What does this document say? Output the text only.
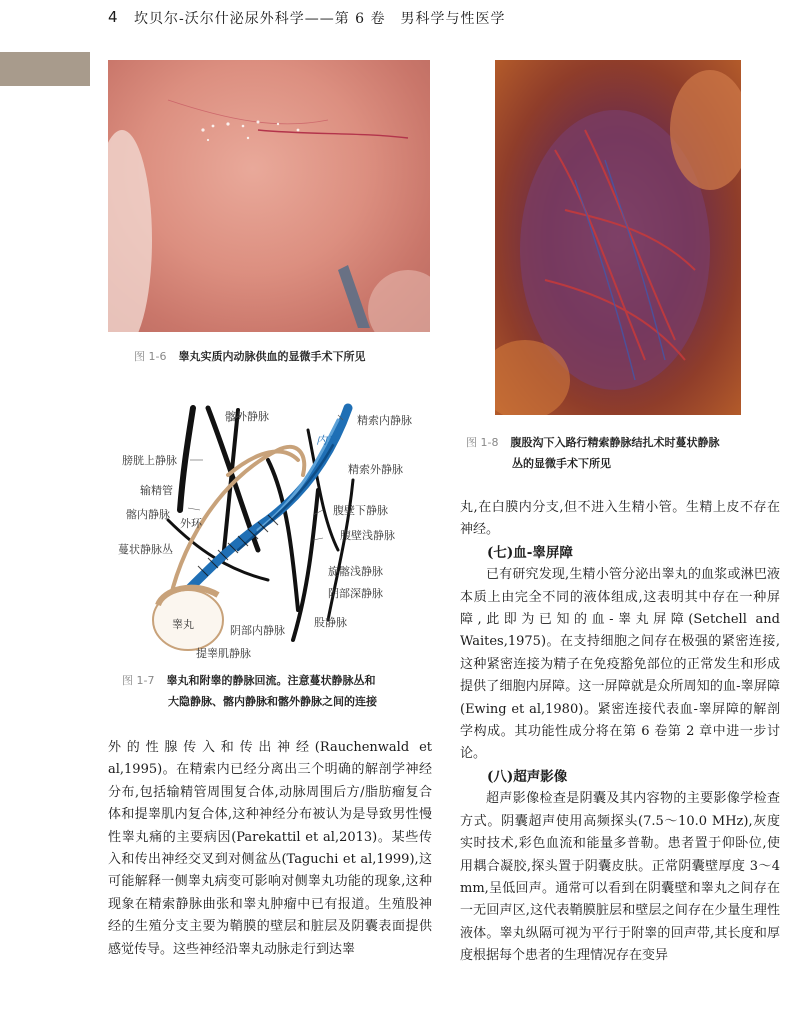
4 坎贝尔-沃尔什泌尿外科学——第 6 卷　男科学与性医学
图 1-6 睾丸实质内动脉供血的显微手术下所见
图 1-8 腹股沟下入路行精索静脉结扎术时蔓状静脉
丛的显微手术下所见
髂外静脉	精索内静脉
内环
膀胱上静脉
精索外静脉
输精管
髂内静脉	腹壁下静脉
外环
腹壁浅静脉
蔓状静脉丛
旋髂浅静脉
阴部深静脉
睾丸	股静脉
阴部内静脉
提睾肌静脉
图 1-7 睾丸和附睾的静脉回流。注意蔓状静脉丛和
大隐静脉、髂内静脉和髂外静脉之间的连接

外的性腺传入和传出神经(Rauchenwald et al,1995)。在精索内已经分离出三个明确的解剖学神经分布,包括输精管周围复合体,动脉周围后方/脂肪瘤复合体和提睾肌内复合体,这种神经分布被认为是导致男性慢性睾丸痛的主要病因(Parekattil et al,2013)。某些传入和传出神经交叉到对侧盆丛(Taguchi et al,1999),这可能解释一侧睾丸病变可影响对侧睾丸功能的现象,这种现象在精索静脉曲张和睾丸肿瘤中已有报道。生殖股神经的生殖分支主要为鞘膜的壁层和脏层及阴囊表面提供感觉传导。这些神经沿睾丸动脉走行到达睾

丸,在白膜内分支,但不进入生精小管。生精上皮不存在神经。

(七)血-睾屏障

已有研究发现,生精小管分泌出睾丸的血浆或淋巴液本质上由完全不同的液体组成,这表明其中存在一种屏障,此即为已知的血-睾丸屏障(Setchell and Waites,1975)。在支持细胞之间存在极强的紧密连接,这种紧密连接为精子在免疫豁免部位的正常发生和形成提供了细胞内屏障。这一屏障就是众所周知的血-睾屏障(Ewing et al,1980)。紧密连接代表血-睾屏障的解剖学构成。其功能性成分将在第 6 卷第 2 章中进一步讨论。

(八)超声影像

超声影像检查是阴囊及其内容物的主要影像学检查方式。阴囊超声使用高频探头(7.5～10.0 MHz),灰度实时技术,彩色血流和能量多普勒。患者置于仰卧位,使用耦合凝胶,探头置于阴囊皮肤。正常阴囊壁厚度 3～4 mm,呈低回声。通常可以看到在阴囊壁和睾丸之间存在一无回声区,这代表鞘膜脏层和壁层之间存在少量生理性液体。睾丸纵隔可视为平行于附睾的回声带,其长度和厚度根据每个患者的生理情况存在变异
